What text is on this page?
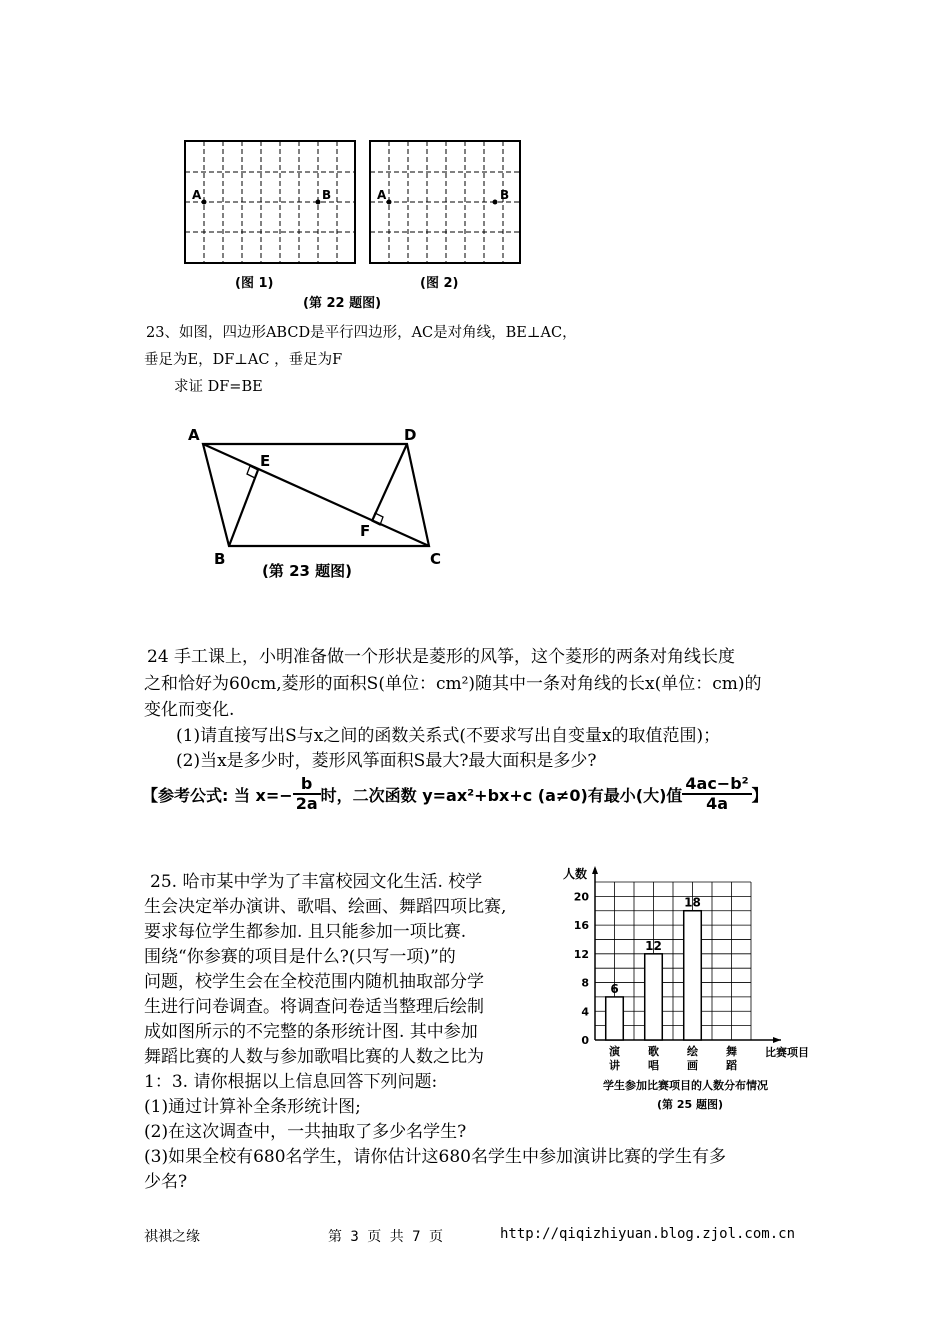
A	B
(图 1)
A	B
(图 2)
(第 22 题图)
23、如图，四边形ABCD是平行四边形，AC是对角线，BE⊥AC，
垂足为E，DF⊥AC ，垂足为F
求证 DF=BE
A	D
B	C
E
F
(第 23 题图)
24 手工课上，小明准备做一个形状是菱形的风筝，这个菱形的两条对角线长度
之和恰好为60cm,菱形的面积S(单位：cm²)随其中一条对角线的长x(单位：cm)的
变化而变化.
(1)请直接写出S与x之间的函数关系式(不要求写出自变量x的取值范围)；
(2)当x是多少时，菱形风筝面积S最大?最大面积是多少?
【参考公式: 当 $x=- \frac{b}{2a}$ 时，二次函数 y=ax²+bx+c (a≠0)有最小(大)值 $\frac{\text{4ac−b²}}{4a}$ 】
25. 哈市某中学为了丰富校园文化生活. 校学
生会决定举办演讲、歌唱、绘画、舞蹈四项比赛,
要求每位学生都参加. 且只能参加一项比赛.
围绕“你参赛的项目是什么?(只写一项)”的
问题，校学生会在全校范围内随机抽取部分学
生进行问卷调查。将调查问卷适当整理后绘制
成如图所示的不完整的条形统计图. 其中参加
舞蹈比赛的人数与参加歌唱比赛的人数之比为
1：3. 请你根据以上信息回答下列问题:
(1)通过计算补全条形统计图;
(2)在这次调查中，一共抽取了多少名学生?
(3)如果全校有680名学生，请你估计这680名学生中参加演讲比赛的学生有多
少名?
0
4
8
12
16
20
6
演
讲
12
歌
唱
18
绘
画
舞
蹈
人数
比赛项目
学生参加比赛项目的人数分布情况
(第 25 题图)
祺祺之缘	第 3 页 共 7 页	http://qiqizhiyuan.blog.zjol.com.cn
